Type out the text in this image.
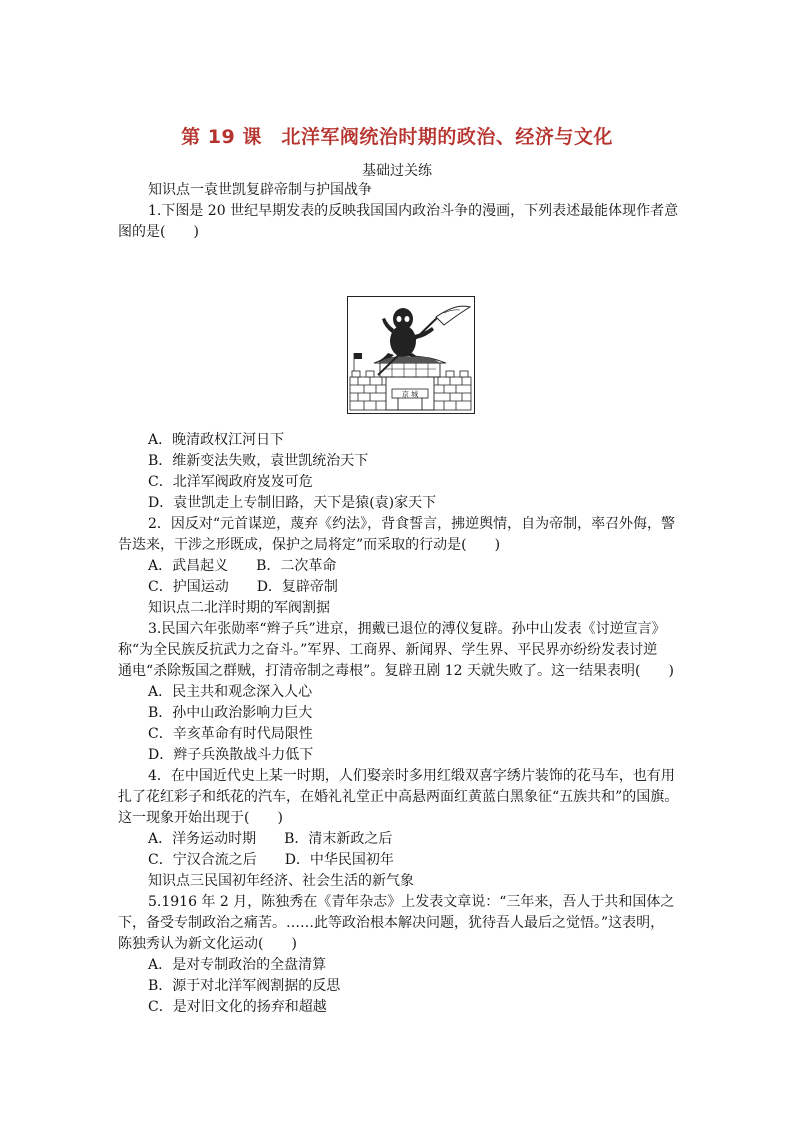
第 19 课　北洋军阀统治时期的政治、经济与文化
基础过关练
知识点一袁世凯复辟帝制与护国战争
1.下图是 20 世纪早期发表的反映我国国内政治斗争的漫画，下列表述最能体现作者意
图的是(　　)
京 城
A．晚清政权江河日下
B．维新变法失败，袁世凯统治天下
C．北洋军阀政府岌岌可危
D．袁世凯走上专制旧路，天下是猿(袁)家天下
2．因反对“元首谋逆，蔑弃《约法》，背食誓言，拂逆舆情，自为帝制，率召外侮，警
告迭来，干涉之形既成，保护之局将定”而采取的行动是(　　)
A．武昌起义　　B．二次革命
C．护国运动　　D．复辟帝制
知识点二北洋时期的军阀割据
3.民国六年张勋率“辫子兵”进京，拥戴已退位的溥仪复辟。孙中山发表《讨逆宣言》
称“为全民族反抗武力之奋斗。”军界、工商界、新闻界、学生界、平民界亦纷纷发表讨逆
通电“杀除叛国之群贼，打清帝制之毒根”。复辟丑剧 12 天就失败了。这一结果表明(　　)
A．民主共和观念深入人心
B．孙中山政治影响力巨大
C．辛亥革命有时代局限性
D．辫子兵涣散战斗力低下
4．在中国近代史上某一时期，人们娶亲时多用红缎双喜字绣片装饰的花马车，也有用
扎了花红彩子和纸花的汽车，在婚礼礼堂正中高悬两面红黄蓝白黑象征“五族共和”的国旗。
这一现象开始出现于(　　)
A．洋务运动时期　　B．清末新政之后
C．宁汉合流之后　　D．中华民国初年
知识点三民国初年经济、社会生活的新气象
5.1916 年 2 月，陈独秀在《青年杂志》上发表文章说：“三年来，吾人于共和国体之
下，备受专制政治之痛苦。……此等政治根本解决问题，犹待吾人最后之觉悟。”这表明，
陈独秀认为新文化运动(　　)
A．是对专制政治的全盘清算
B．源于对北洋军阀割据的反思
C．是对旧文化的扬弃和超越
